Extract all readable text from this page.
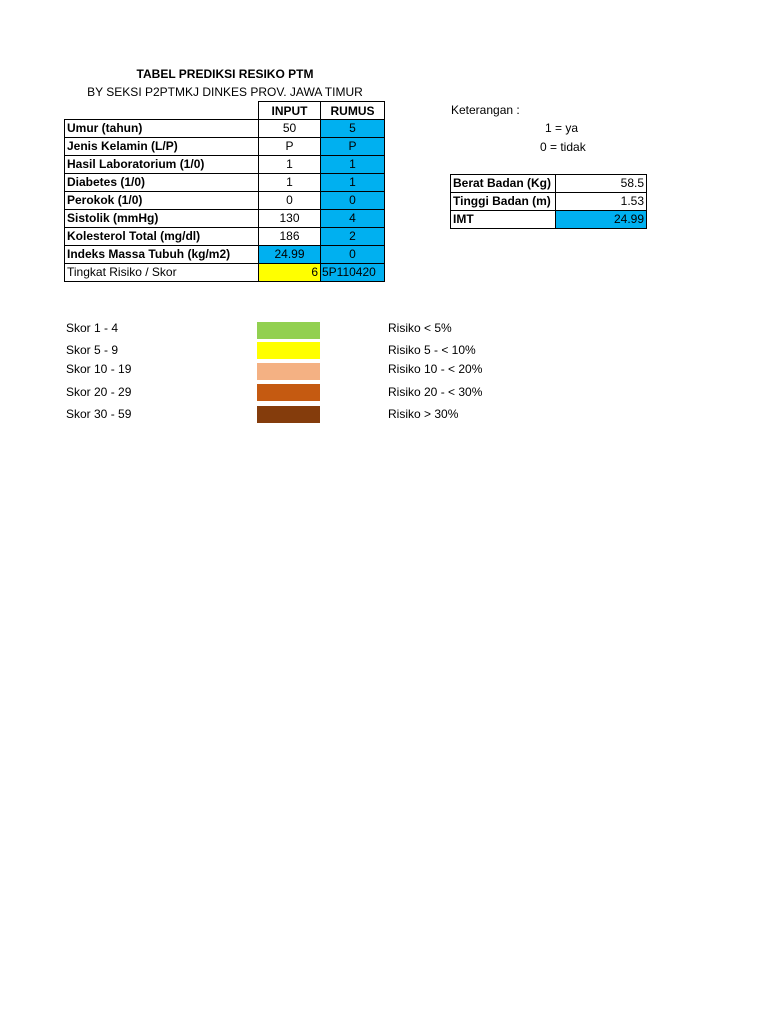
TABEL PREDIKSI RESIKO PTM
BY SEKSI P2PTMKJ DINKES PROV. JAWA TIMUR
	INPUT	RUMUS
Umur (tahun)	50	5
Jenis Kelamin (L/P)	P	P
Hasil Laboratorium (1/0)	1	1
Diabetes (1/0)	1	1
Perokok (1/0)	0	0
Sistolik (mmHg)	130	4
Kolesterol Total (mg/dl)	186	2
Indeks Massa Tubuh (kg/m2)	24.99	0
Tingkat Risiko / Skor	6	5P110420
Keterangan :
1 = ya
0 = tidak
Berat Badan (Kg)	58.5
Tinggi Badan (m)	1.53
IMT	24.99
Skor 1 - 4	Risiko < 5%
Skor 5 - 9	Risiko 5 - < 10%
Skor 10 - 19	Risiko 10 - < 20%
Skor 20 - 29	Risiko 20 - < 30%
Skor 30 - 59	Risiko > 30%
